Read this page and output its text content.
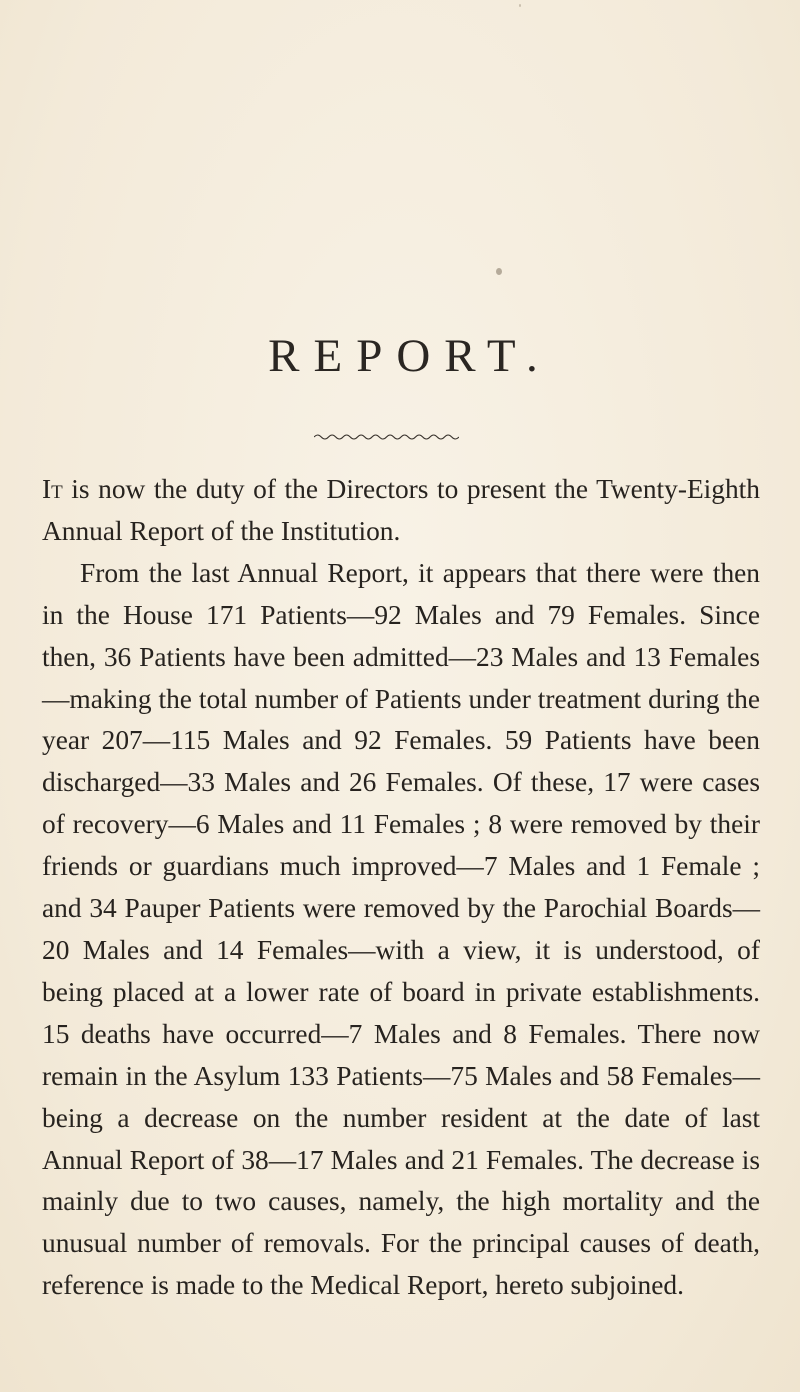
REPORT.

It is now the duty of the Directors to present the Twenty-Eighth Annual Report of the Institution.

From the last Annual Report, it appears that there were then in the House 171 Patients—92 Males and 79 Females. Since then, 36 Patients have been admitted—23 Males and 13 Females—making the total number of Patients under treatment during the year 207—115 Males and 92 Females. 59 Patients have been discharged—33 Males and 26 Females. Of these, 17 were cases of recovery—6 Males and 11 Females ; 8 were removed by their friends or guardians much improved—7 Males and 1 Female ; and 34 Pauper Patients were removed by the Parochial Boards—20 Males and 14 Females—with a view, it is understood, of being placed at a lower rate of board in private establishments. 15 deaths have occurred—7 Males and 8 Females. There now remain in the Asylum 133 Patients—75 Males and 58 Females—being a decrease on the number resident at the date of last Annual Report of 38—17 Males and 21 Females. The decrease is mainly due to two causes, namely, the high mortality and the unusual number of removals. For the principal causes of death, reference is made to the Medical Report, hereto subjoined.
